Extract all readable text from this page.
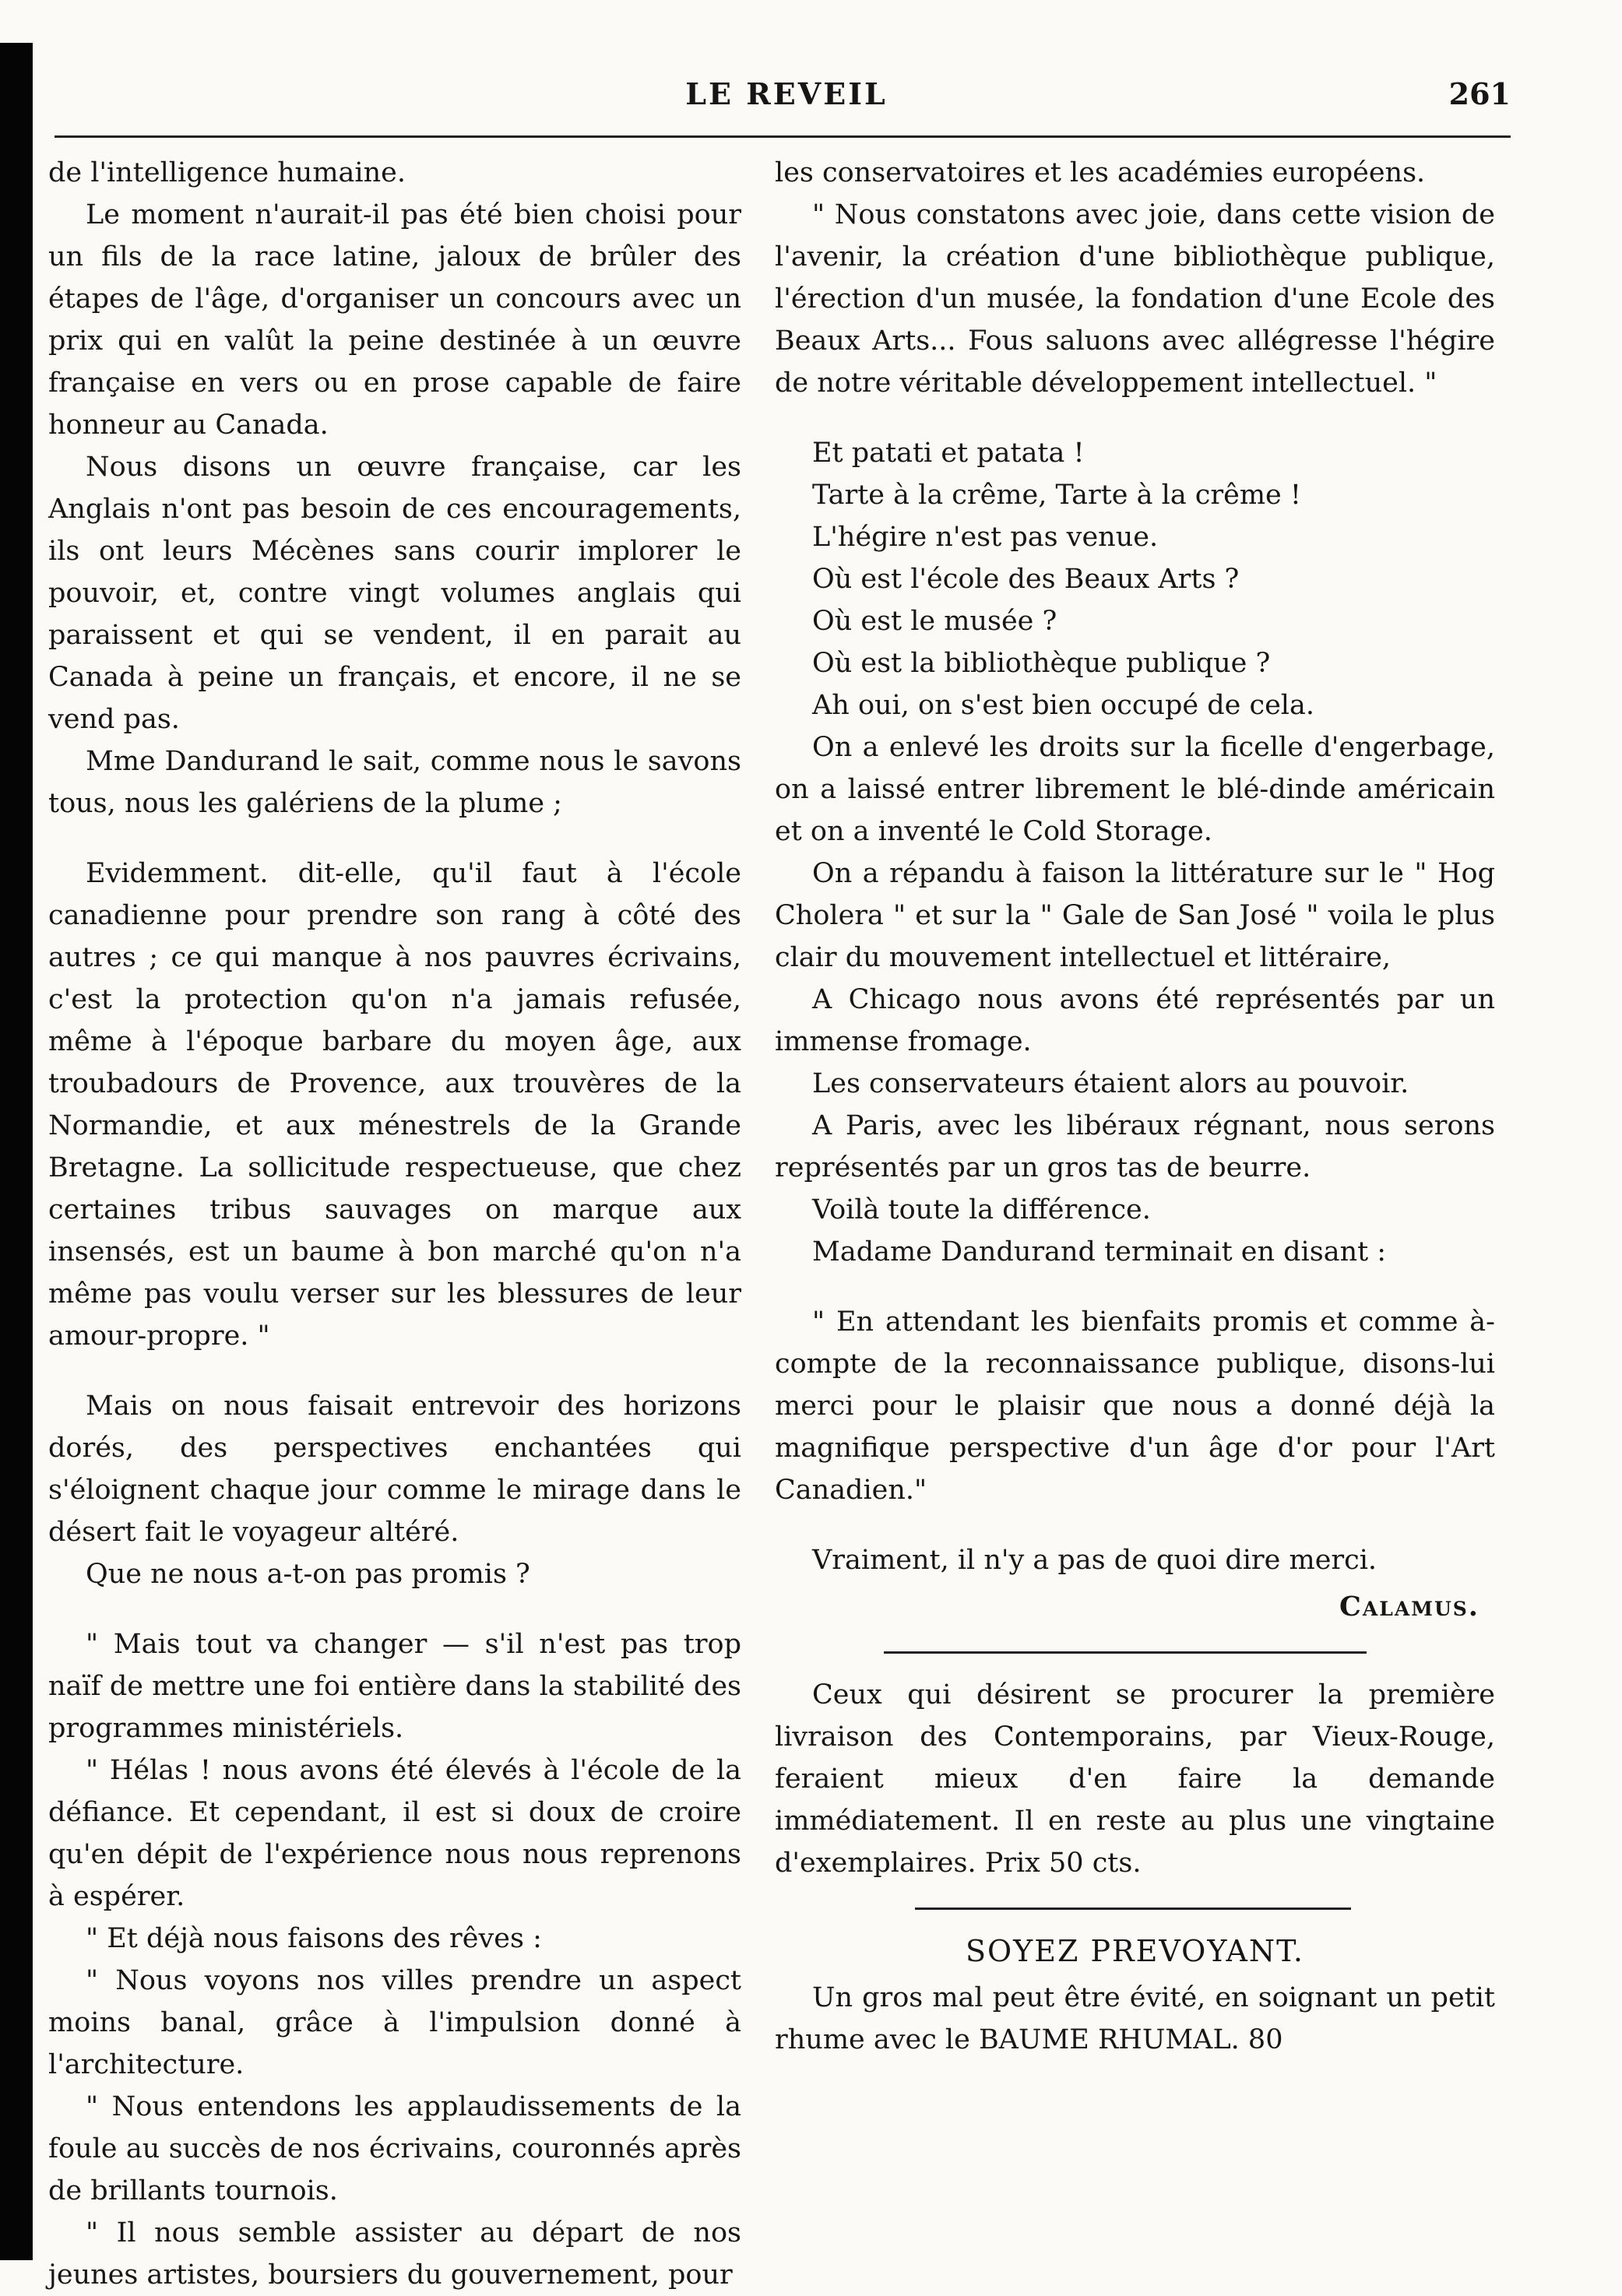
LE REVEIL	261

de l'intelligence humaine.

Le moment n'aurait-il pas été bien choisi pour un fils de la race latine, jaloux de brûler des étapes de l'âge, d'organiser un concours avec un prix qui en valût la peine destinée à un œuvre française en vers ou en prose capable de faire honneur au Canada.

Nous disons un œuvre française, car les Anglais n'ont pas besoin de ces encouragements, ils ont leurs Mécènes sans courir implorer le pouvoir, et, contre vingt volumes anglais qui paraissent et qui se vendent, il en parait au Canada à peine un français, et encore, il ne se vend pas.

Mme Dandurand le sait, comme nous le savons tous, nous les galériens de la plume ;

Evidemment. dit-elle, qu'il faut à l'école canadienne pour prendre son rang à côté des autres ; ce qui manque à nos pauvres écrivains, c'est la protection qu'on n'a jamais refusée, même à l'époque barbare du moyen âge, aux troubadours de Provence, aux trouvères de la Normandie, et aux ménestrels de la Grande Bretagne. La sollicitude respectueuse, que chez certaines tribus sauvages on marque aux insensés, est un baume à bon marché qu'on n'a même pas voulu verser sur les blessures de leur amour-propre. "

Mais on nous faisait entrevoir des horizons dorés, des perspectives enchantées qui s'éloignent chaque jour comme le mirage dans le désert fait le voyageur altéré.

Que ne nous a-t-on pas promis ?

" Mais tout va changer — s'il n'est pas trop naïf de mettre une foi entière dans la stabilité des programmes ministériels.

" Hélas ! nous avons été élevés à l'école de la défiance. Et cependant, il est si doux de croire qu'en dépit de l'expérience nous nous reprenons à espérer.

" Et déjà nous faisons des rêves :

" Nous voyons nos villes prendre un aspect moins banal, grâce à l'impulsion donné à l'architecture.

" Nous entendons les applaudissements de la foule au succès de nos écrivains, couronnés après de brillants tournois.

" Il nous semble assister au départ de nos jeunes artistes, boursiers du gouvernement, pour

les conservatoires et les académies européens.

" Nous constatons avec joie, dans cette vision de l'avenir, la création d'une bibliothèque publique, l'érection d'un musée, la fondation d'une Ecole des Beaux Arts... Fous saluons avec allégresse l'hégire de notre véritable développement intellectuel. "

Et patati et patata !

Tarte à la crême, Tarte à la crême !

L'hégire n'est pas venue.

Où est l'école des Beaux Arts ?

Où est le musée ?

Où est la bibliothèque publique ?

Ah oui, on s'est bien occupé de cela.

On a enlevé les droits sur la ficelle d'engerbage, on a laissé entrer librement le blé-dinde américain et on a inventé le Cold Storage.

On a répandu à faison la littérature sur le " Hog Cholera " et sur la " Gale de San José " voila le plus clair du mouvement intellectuel et littéraire,

A Chicago nous avons été représentés par un immense fromage.

Les conservateurs étaient alors au pouvoir.

A Paris, avec les libéraux régnant, nous serons représentés par un gros tas de beurre.

Voilà toute la différence.

Madame Dandurand terminait en disant :

" En attendant les bienfaits promis et comme à-compte de la reconnaissance publique, disons-lui merci pour le plaisir que nous a donné déjà la magnifique perspective d'un âge d'or pour l'Art Canadien."

Vraiment, il n'y a pas de quoi dire merci.

Calamus.

Ceux qui désirent se procurer la première livraison des Contemporains, par Vieux-Rouge, feraient mieux d'en faire la demande immédiatement. Il en reste au plus une vingtaine d'exemplaires. Prix 50 cts.

SOYEZ PREVOYANT.

Un gros mal peut être évité, en soignant un petit rhume avec le BAUME RHUMAL. 80
